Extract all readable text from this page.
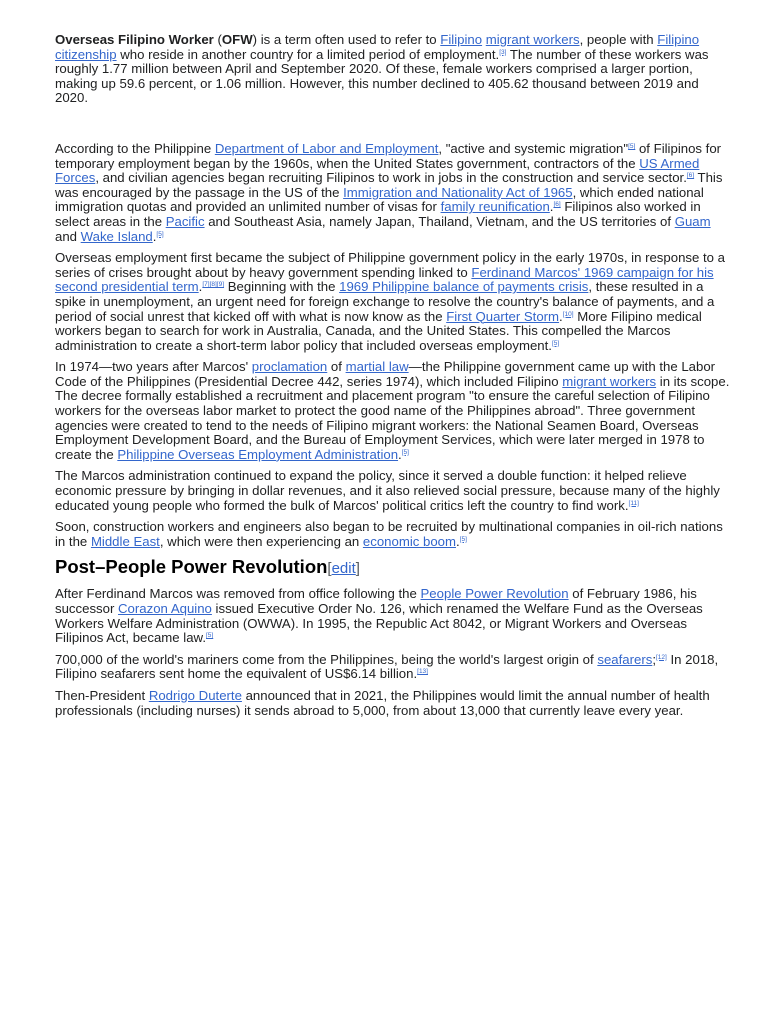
Overseas Filipino Worker (OFW) is a term often used to refer to Filipino migrant workers, people with Filipino citizenship who reside in another country for a limited period of employment.[3] The number of these workers was roughly 1.77 million between April and September 2020. Of these, female workers comprised a larger portion, making up 59.6 percent, or 1.06 million. However, this number declined to 405.62 thousand between 2019 and 2020.

According to the Philippine Department of Labor and Employment, "active and systemic migration"[5] of Filipinos for temporary employment began by the 1960s, when the United States government, contractors of the US Armed Forces, and civilian agencies began recruiting Filipinos to work in jobs in the construction and service sector.[6] This was encouraged by the passage in the US of the Immigration and Nationality Act of 1965, which ended national immigration quotas and provided an unlimited number of visas for family reunification.[6] Filipinos also worked in select areas in the Pacific and Southeast Asia, namely Japan, Thailand, Vietnam, and the US territories of Guam and Wake Island.[5]

Overseas employment first became the subject of Philippine government policy in the early 1970s, in response to a series of crises brought about by heavy government spending linked to Ferdinand Marcos' 1969 campaign for his second presidential term.[7][8][9] Beginning with the 1969 Philippine balance of payments crisis, these resulted in a spike in unemployment, an urgent need for foreign exchange to resolve the country's balance of payments, and a period of social unrest that kicked off with what is now know as the First Quarter Storm.[10] More Filipino medical workers began to search for work in Australia, Canada, and the United States. This compelled the Marcos administration to create a short-term labor policy that included overseas employment.[5]

In 1974—two years after Marcos' proclamation of martial law—the Philippine government came up with the Labor Code of the Philippines (Presidential Decree 442, series 1974), which included Filipino migrant workers in its scope. The decree formally established a recruitment and placement program "to ensure the careful selection of Filipino workers for the overseas labor market to protect the good name of the Philippines abroad". Three government agencies were created to tend to the needs of Filipino migrant workers: the National Seamen Board, Overseas Employment Development Board, and the Bureau of Employment Services, which were later merged in 1978 to create the Philippine Overseas Employment Administration.[5]

The Marcos administration continued to expand the policy, since it served a double function: it helped relieve economic pressure by bringing in dollar revenues, and it also relieved social pressure, because many of the highly educated young people who formed the bulk of Marcos' political critics left the country to find work.[11]

Soon, construction workers and engineers also began to be recruited by multinational companies in oil-rich nations in the Middle East, which were then experiencing an economic boom.[5]

Post–People Power Revolution[edit]

After Ferdinand Marcos was removed from office following the People Power Revolution of February 1986, his successor Corazon Aquino issued Executive Order No. 126, which renamed the Welfare Fund as the Overseas Workers Welfare Administration (OWWA). In 1995, the Republic Act 8042, or Migrant Workers and Overseas Filipinos Act, became law.[5]

700,000 of the world's mariners come from the Philippines, being the world's largest origin of seafarers;[12] In 2018, Filipino seafarers sent home the equivalent of US$6.14 billion.[13]

Then-President Rodrigo Duterte announced that in 2021, the Philippines would limit the annual number of health professionals (including nurses) it sends abroad to 5,000, from about 13,000 that currently leave every year.
